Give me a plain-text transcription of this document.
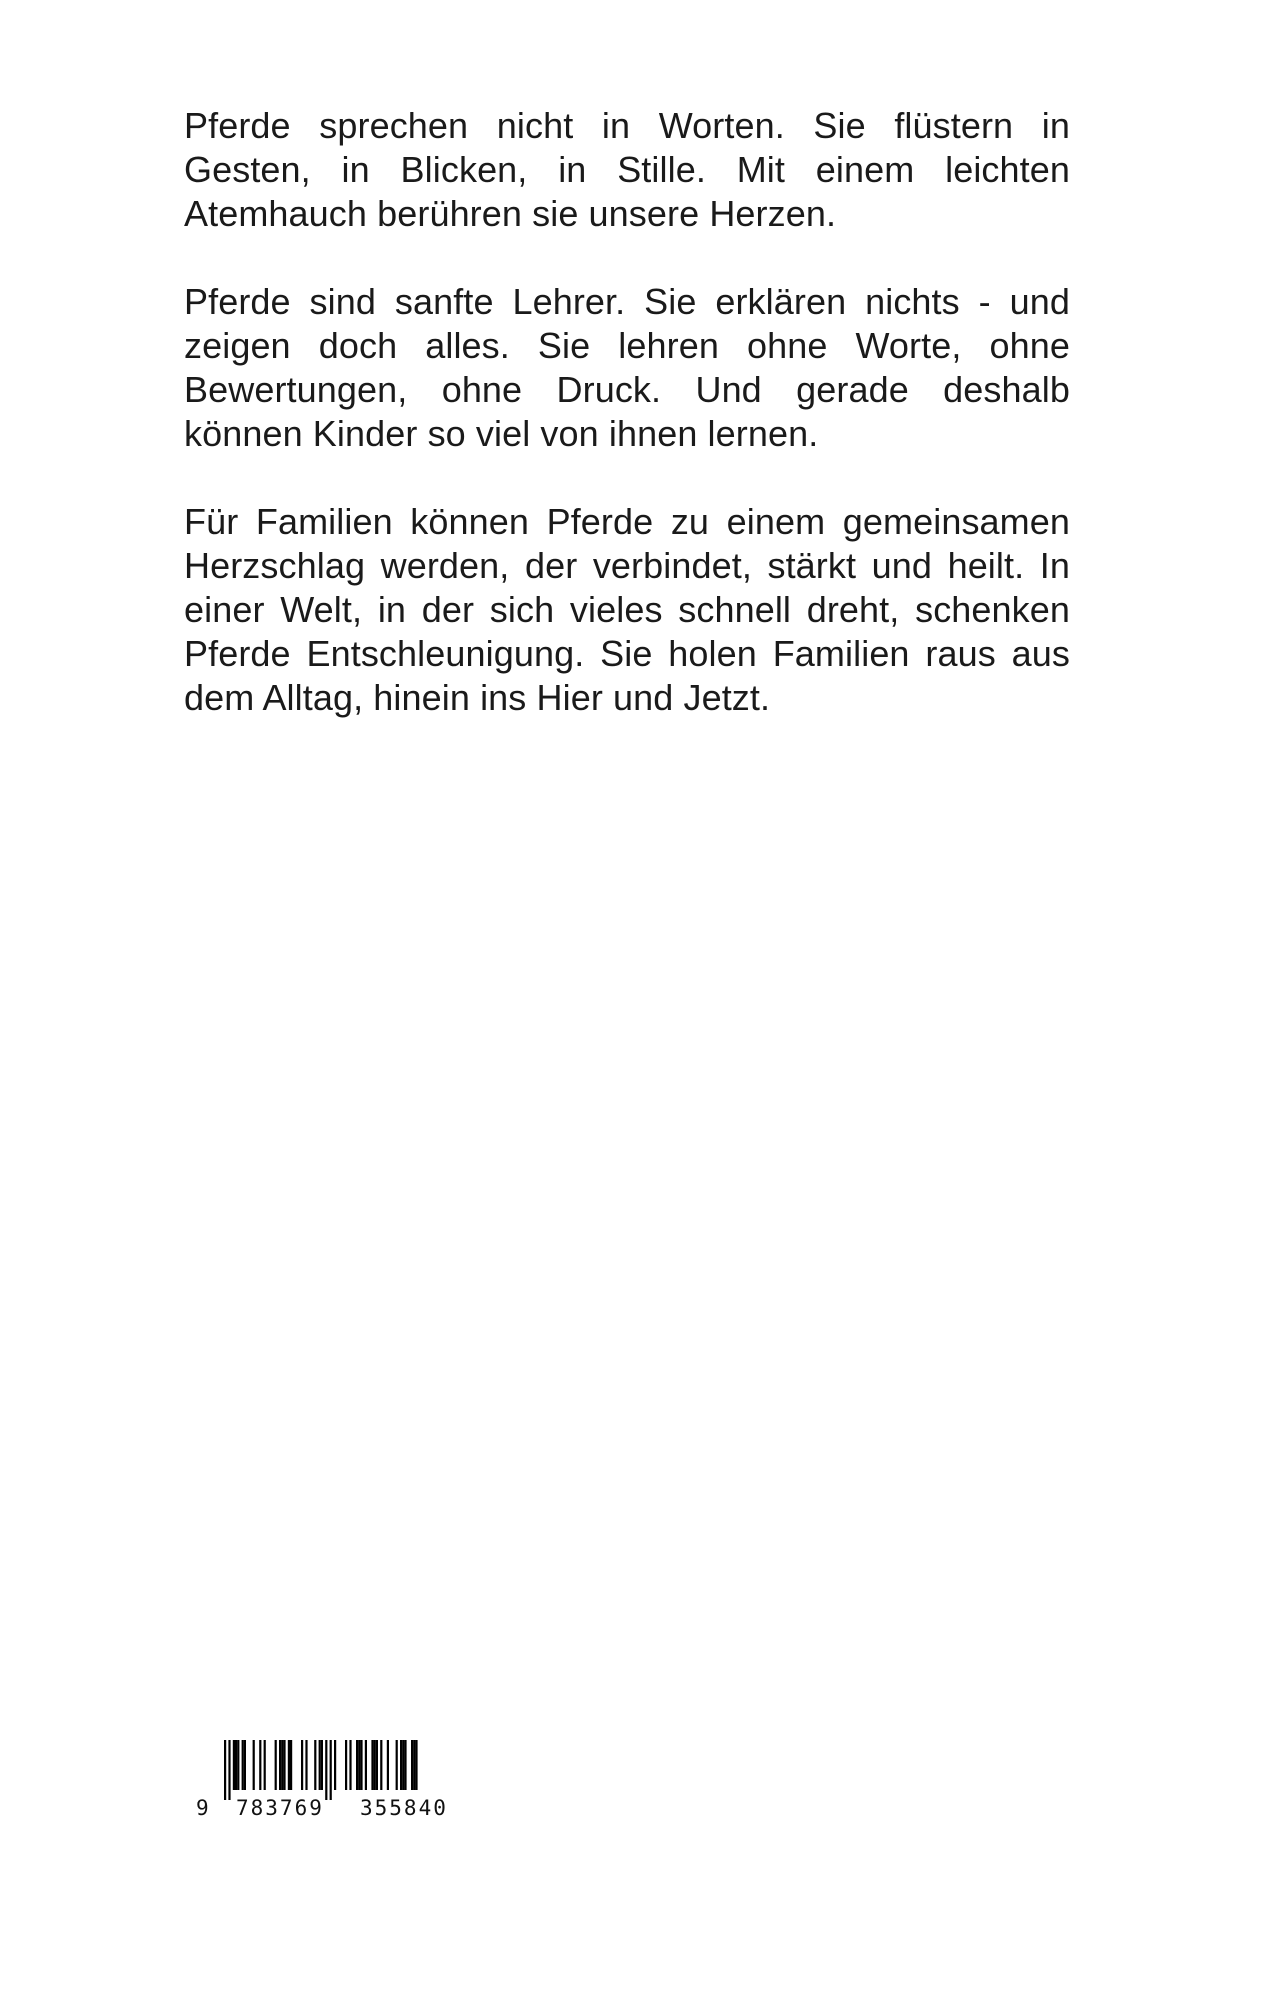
Pferde sprechen nicht in Worten. Sie flüstern in Gesten, in Blicken, in Stille. Mit einem leichten Atemhauch berühren sie unsere Herzen.

Pferde sind sanfte Lehrer. Sie erklären nichts - und zeigen doch alles. Sie lehren ohne Worte, ohne Bewertungen, ohne Druck. Und gerade deshalb können Kinder so viel von ihnen lernen.

Für Familien können Pferde zu einem gemeinsamen Herzschlag werden, der verbindet, stärkt und heilt. In einer Welt, in der sich vieles schnell dreht, schenken Pferde Entschleunigung. Sie holen Familien raus aus dem Alltag, hinein ins Hier und Jetzt.

9 783769 355840
